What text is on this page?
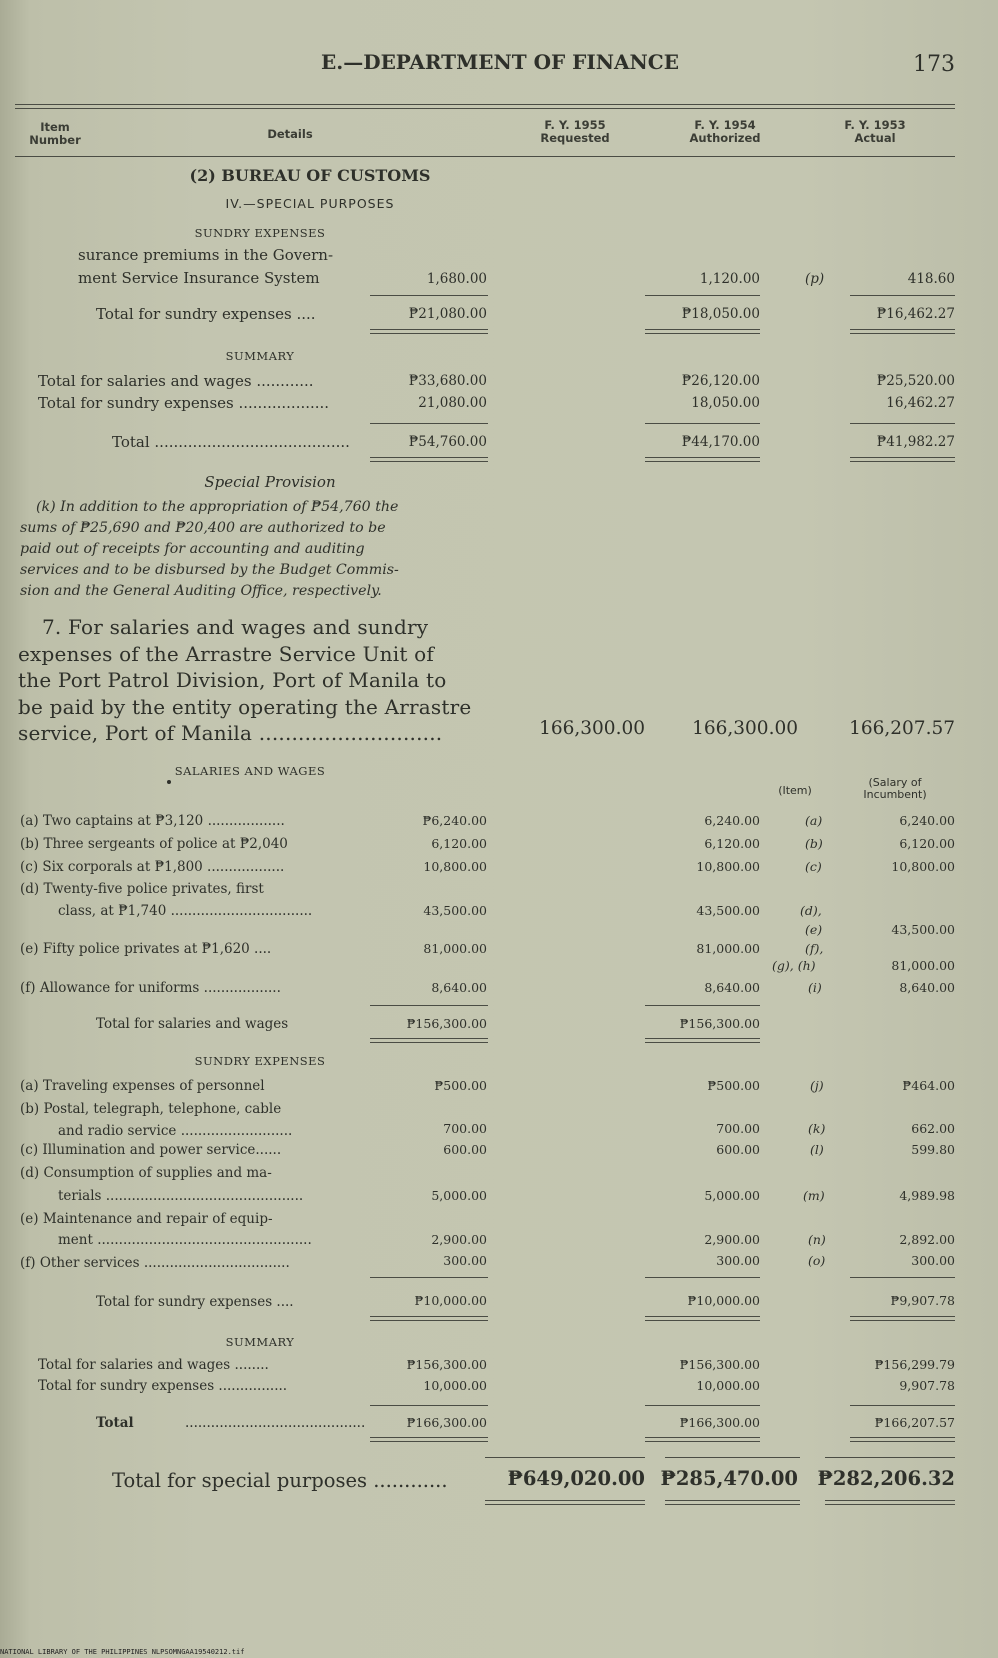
E.—DEPARTMENT OF FINANCE	173
Item
Number	Details
F. Y. 1955
Requested
F. Y. 1954
Authorized
F. Y. 1953
Actual
(2) BUREAU OF CUSTOMS
IV.—SPECIAL PURPOSES
SUNDRY EXPENSES
surance premiums in the Govern-
ment Service Insurance System	1,680.00	1,120.00	(p)	418.60
Total for sundry expenses ....	₱21,080.00	₱18,050.00	₱16,462.27
SUMMARY
Total for salaries and wages ............	₱33,680.00	₱26,120.00	₱25,520.00
Total for sundry expenses ...................	21,080.00	18,050.00	16,462.27
Total .........................................	₱54,760.00	₱44,170.00	₱41,982.27
Special Provision
(k) In addition to the appropriation of ₱54,760 the
sums of ₱25,690 and ₱20,400 are authorized to be
paid out of receipts for accounting and auditing
services and to be disbursed by the Budget Commis-
sion and the General Auditing Office, respectively.
7. For salaries and wages and sundry
expenses of the Arrastre Service Unit of
the Port Patrol Division, Port of Manila to
be paid by the entity operating the Arrastre
service, Port of Manila ............................	166,300.00	166,300.00	166,207.57
SALARIES AND WAGES
(Item)
(Salary of
Incumbent)
(a) Two captains at ₱3,120 ..................	₱6,240.00	6,240.00	(a)	6,240.00
(b) Three sergeants of police at ₱2,040	6,120.00	6,120.00	(b)	6,120.00
(c) Six corporals at ₱1,800 ..................	10,800.00	10,800.00	(c)	10,800.00
(d) Twenty-five police privates, first
class, at ₱1,740 .................................	43,500.00	43,500.00	(d),
(e)	43,500.00
(e) Fifty police privates at ₱1,620 ....	81,000.00	81,000.00	(f),
(g), (h)	81,000.00
(f) Allowance for uniforms ..................	8,640.00	8,640.00	(i)	8,640.00
Total for salaries and wages	₱156,300.00	₱156,300.00
SUNDRY EXPENSES
(a) Traveling expenses of personnel	₱500.00	₱500.00	(j)	₱464.00
(b) Postal, telegraph, telephone, cable
and radio service ..........................	700.00	700.00	(k)	662.00
(c) Illumination and power service......	600.00	600.00	(l)	599.80
(d) Consumption of supplies and ma-
terials ..............................................	5,000.00	5,000.00	(m)	4,989.98
(e) Maintenance and repair of equip-
ment ..................................................	2,900.00	2,900.00	(n)	2,892.00
(f) Other services ..................................	300.00	300.00	(o)	300.00
Total for sundry expenses ....	₱10,000.00	₱10,000.00	₱9,907.78
SUMMARY
Total for salaries and wages ........	₱156,300.00	₱156,300.00	₱156,299.79
Total for sundry expenses ................	10,000.00	10,000.00	9,907.78
Total	..........................................	₱166,300.00	₱166,300.00	₱166,207.57
Total for special purposes ............	₱649,020.00 ₱285,470.00 ₱282,206.32
NATIONAL LIBRARY OF THE PHILIPPINES NLPSOMNGAA19540212.tif
